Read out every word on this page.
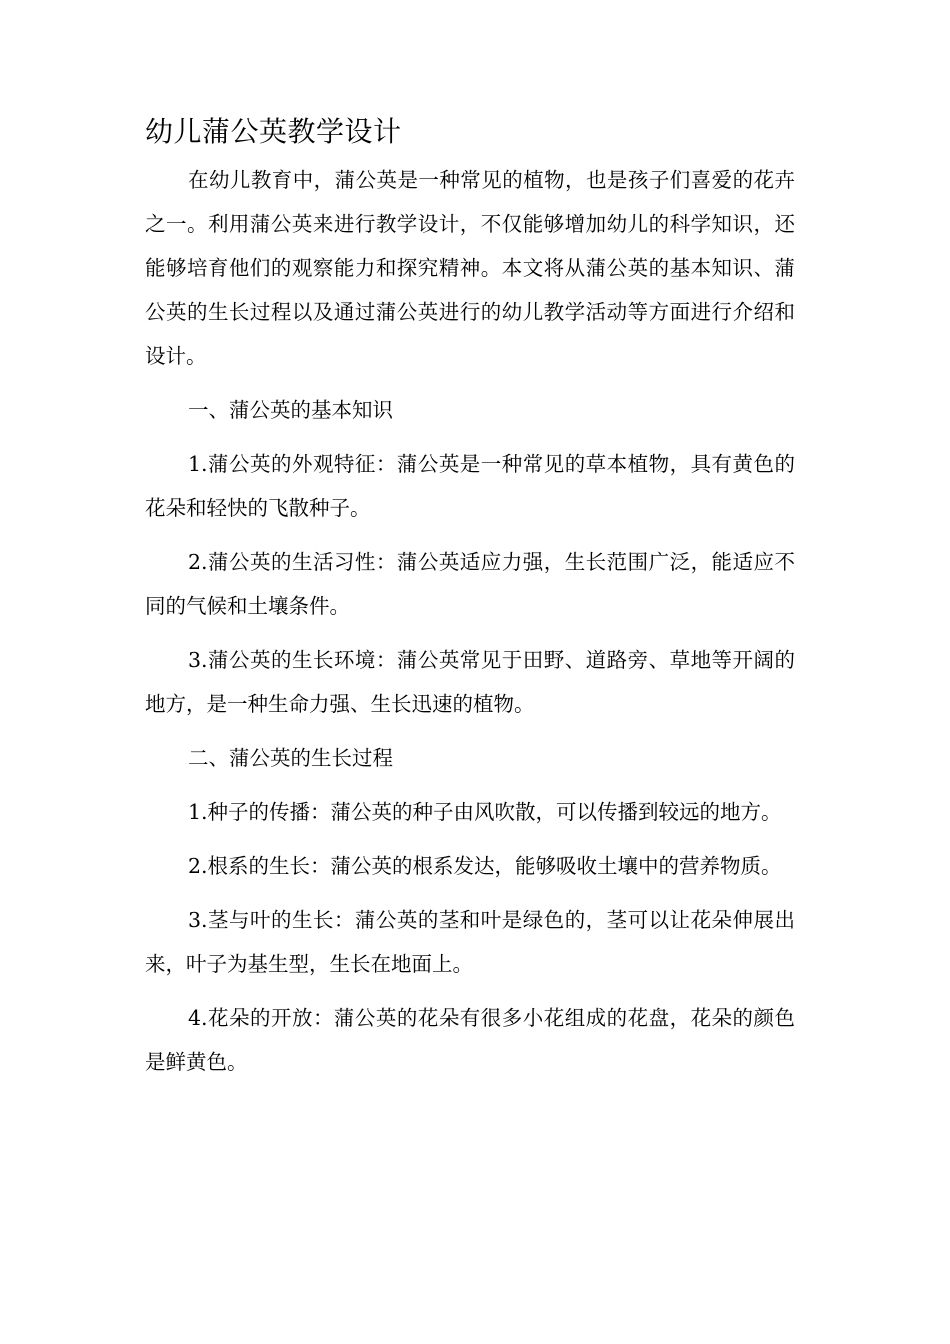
幼儿蒲公英教学设计

在幼儿教育中，蒲公英是一种常见的植物，也是孩子们喜爱的花卉之一。利用蒲公英来进行教学设计，不仅能够增加幼儿的科学知识，还能够培育他们的观察能力和探究精神。本文将从蒲公英的基本知识、蒲公英的生长过程以及通过蒲公英进行的幼儿教学活动等方面进行介绍和设计。

一、蒲公英的基本知识

1.蒲公英的外观特征：蒲公英是一种常见的草本植物，具有黄色的花朵和轻快的飞散种子。

2.蒲公英的生活习性：蒲公英适应力强，生长范围广泛，能适应不同的气候和土壤条件。

3.蒲公英的生长环境：蒲公英常见于田野、道路旁、草地等开阔的地方，是一种生命力强、生长迅速的植物。

二、蒲公英的生长过程

1.种子的传播：蒲公英的种子由风吹散，可以传播到较远的地方。

2.根系的生长：蒲公英的根系发达，能够吸收土壤中的营养物质。

3.茎与叶的生长：蒲公英的茎和叶是绿色的，茎可以让花朵伸展出来，叶子为基生型，生长在地面上。

4.花朵的开放：蒲公英的花朵有很多小花组成的花盘，花朵的颜色是鲜黄色。
